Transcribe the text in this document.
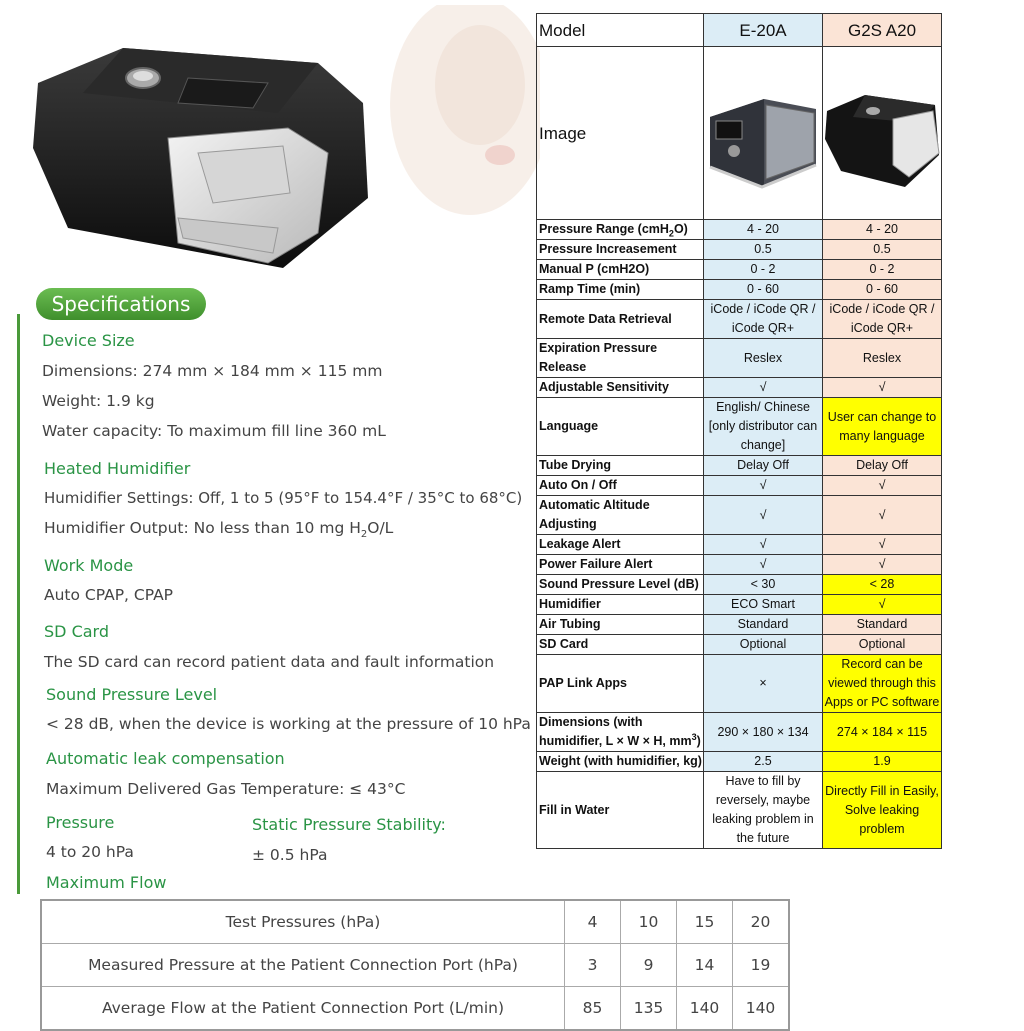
Specifications
Device Size
Dimensions: 274 mm × 184 mm × 115 mm
Weight: 1.9 kg
Water capacity: To maximum fill line 360 mL
Heated Humidifier
Humidifier Settings: Off, 1 to 5 (95°F to 154.4°F / 35°C to 68°C)
Humidifier Output: No less than 10 mg $H_2O/L$
Work Mode
Auto CPAP, CPAP
SD Card
The SD card can record patient data and fault information
Sound Pressure Level
< 28 dB, when the device is working at the pressure of 10 hPa
Automatic leak compensation
Maximum Delivered Gas Temperature: ≤ 43°C
Pressure
4 to 20 hPa
Static Pressure Stability:
± 0.5 hPa
Maximum Flow
Model	E-20A	G2S A20
Image		
Pressure Range (cmH$_2$O)	4 - 20	4 - 20
Pressure Increasement	0.5	0.5
Manual P (cmH2O)	0 - 2	0 - 2
Ramp Time (min)	0 - 60	0 - 60
Remote Data Retrieval	iCode / iCode QR / iCode QR+	iCode / iCode QR / iCode QR+
Expiration Pressure Release	Reslex	Reslex
Adjustable Sensitivity	√	√
Language	English/ Chinese [only distributor can change]	User can change to many language
Tube Drying	Delay Off	Delay Off
Auto On / Off	√	√
Automatic Altitude Adjusting	√	√
Leakage Alert	√	√
Power Failure Alert	√	√
Sound Pressure Level (dB)	< 30	< 28
Humidifier	ECO Smart	√
Air Tubing	Standard	Standard
SD Card	Optional	Optional
PAP Link Apps	×	Record can be viewed through this Apps or PC software
Dimensions (with humidifier, L × W × H, $mm^3$)	290 × 180 × 134	274 × 184 × 115
Weight (with humidifier, kg)	2.5	1.9
Fill in Water	Have to fill by reversely, maybe leaking problem in the future	Directly Fill in Easily, Solve leaking problem
Test Pressures (hPa)	4	10	15	20
Measured Pressure at the Patient Connection Port (hPa)	3	9	14	19
Average Flow at the Patient Connection Port (L/min)	85	135	140	140
